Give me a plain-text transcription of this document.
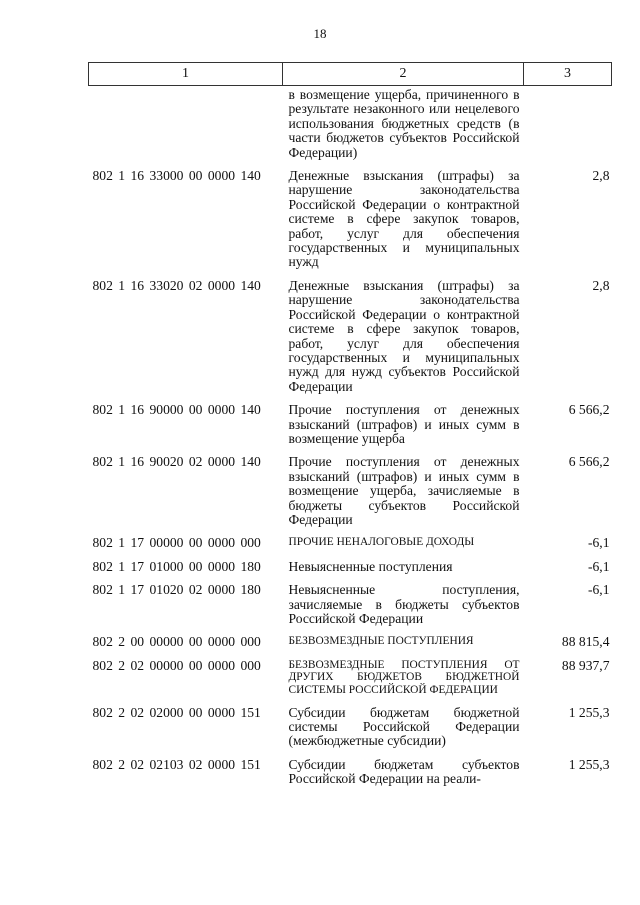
18
1	2	3
	в возмещение ущерба, причиненного в результате незаконного или нецелевого использования бюджетных средств (в части бюджетов субъектов Российской Федерации)	
802 1 16 33000 00 0000 140	Денежные взыскания (штрафы) за нарушение законодательства Российской Федерации о контрактной системе в сфере закупок товаров, работ, услуг для обеспечения государственных и муниципальных нужд	2,8
802 1 16 33020 02 0000 140	Денежные взыскания (штрафы) за нарушение законодательства Российской Федерации о контрактной системе в сфере закупок товаров, работ, услуг для обеспечения государственных и муниципальных нужд для нужд субъектов Российской Федерации	2,8
802 1 16 90000 00 0000 140	Прочие поступления от денежных взысканий (штрафов) и иных сумм в возмещение ущерба	6 566,2
802 1 16 90020 02 0000 140	Прочие поступления от денежных взысканий (штрафов) и иных сумм в возмещение ущерба, зачисляемые в бюджеты субъектов Российской Федерации	6 566,2
802 1 17 00000 00 0000 000	ПРОЧИЕ НЕНАЛОГОВЫЕ ДОХОДЫ	-6,1
802 1 17 01000 00 0000 180	Невыясненные поступления	-6,1
802 1 17 01020 02 0000 180	Невыясненные поступления, зачисляемые в бюджеты субъектов Российской Федерации	-6,1
802 2 00 00000 00 0000 000	БЕЗВОЗМЕЗДНЫЕ ПОСТУПЛЕНИЯ	88 815,4
802 2 02 00000 00 0000 000	БЕЗВОЗМЕЗДНЫЕ ПОСТУПЛЕНИЯ ОТ ДРУГИХ БЮДЖЕТОВ БЮДЖЕТНОЙ СИСТЕМЫ РОССИЙСКОЙ ФЕДЕРАЦИИ	88 937,7
802 2 02 02000 00 0000 151	Субсидии бюджетам бюджетной системы Российской Федерации (межбюджетные субсидии)	1 255,3
802 2 02 02103 02 0000 151	Субсидии бюджетам субъектов Российской Федерации на реали-	1 255,3
